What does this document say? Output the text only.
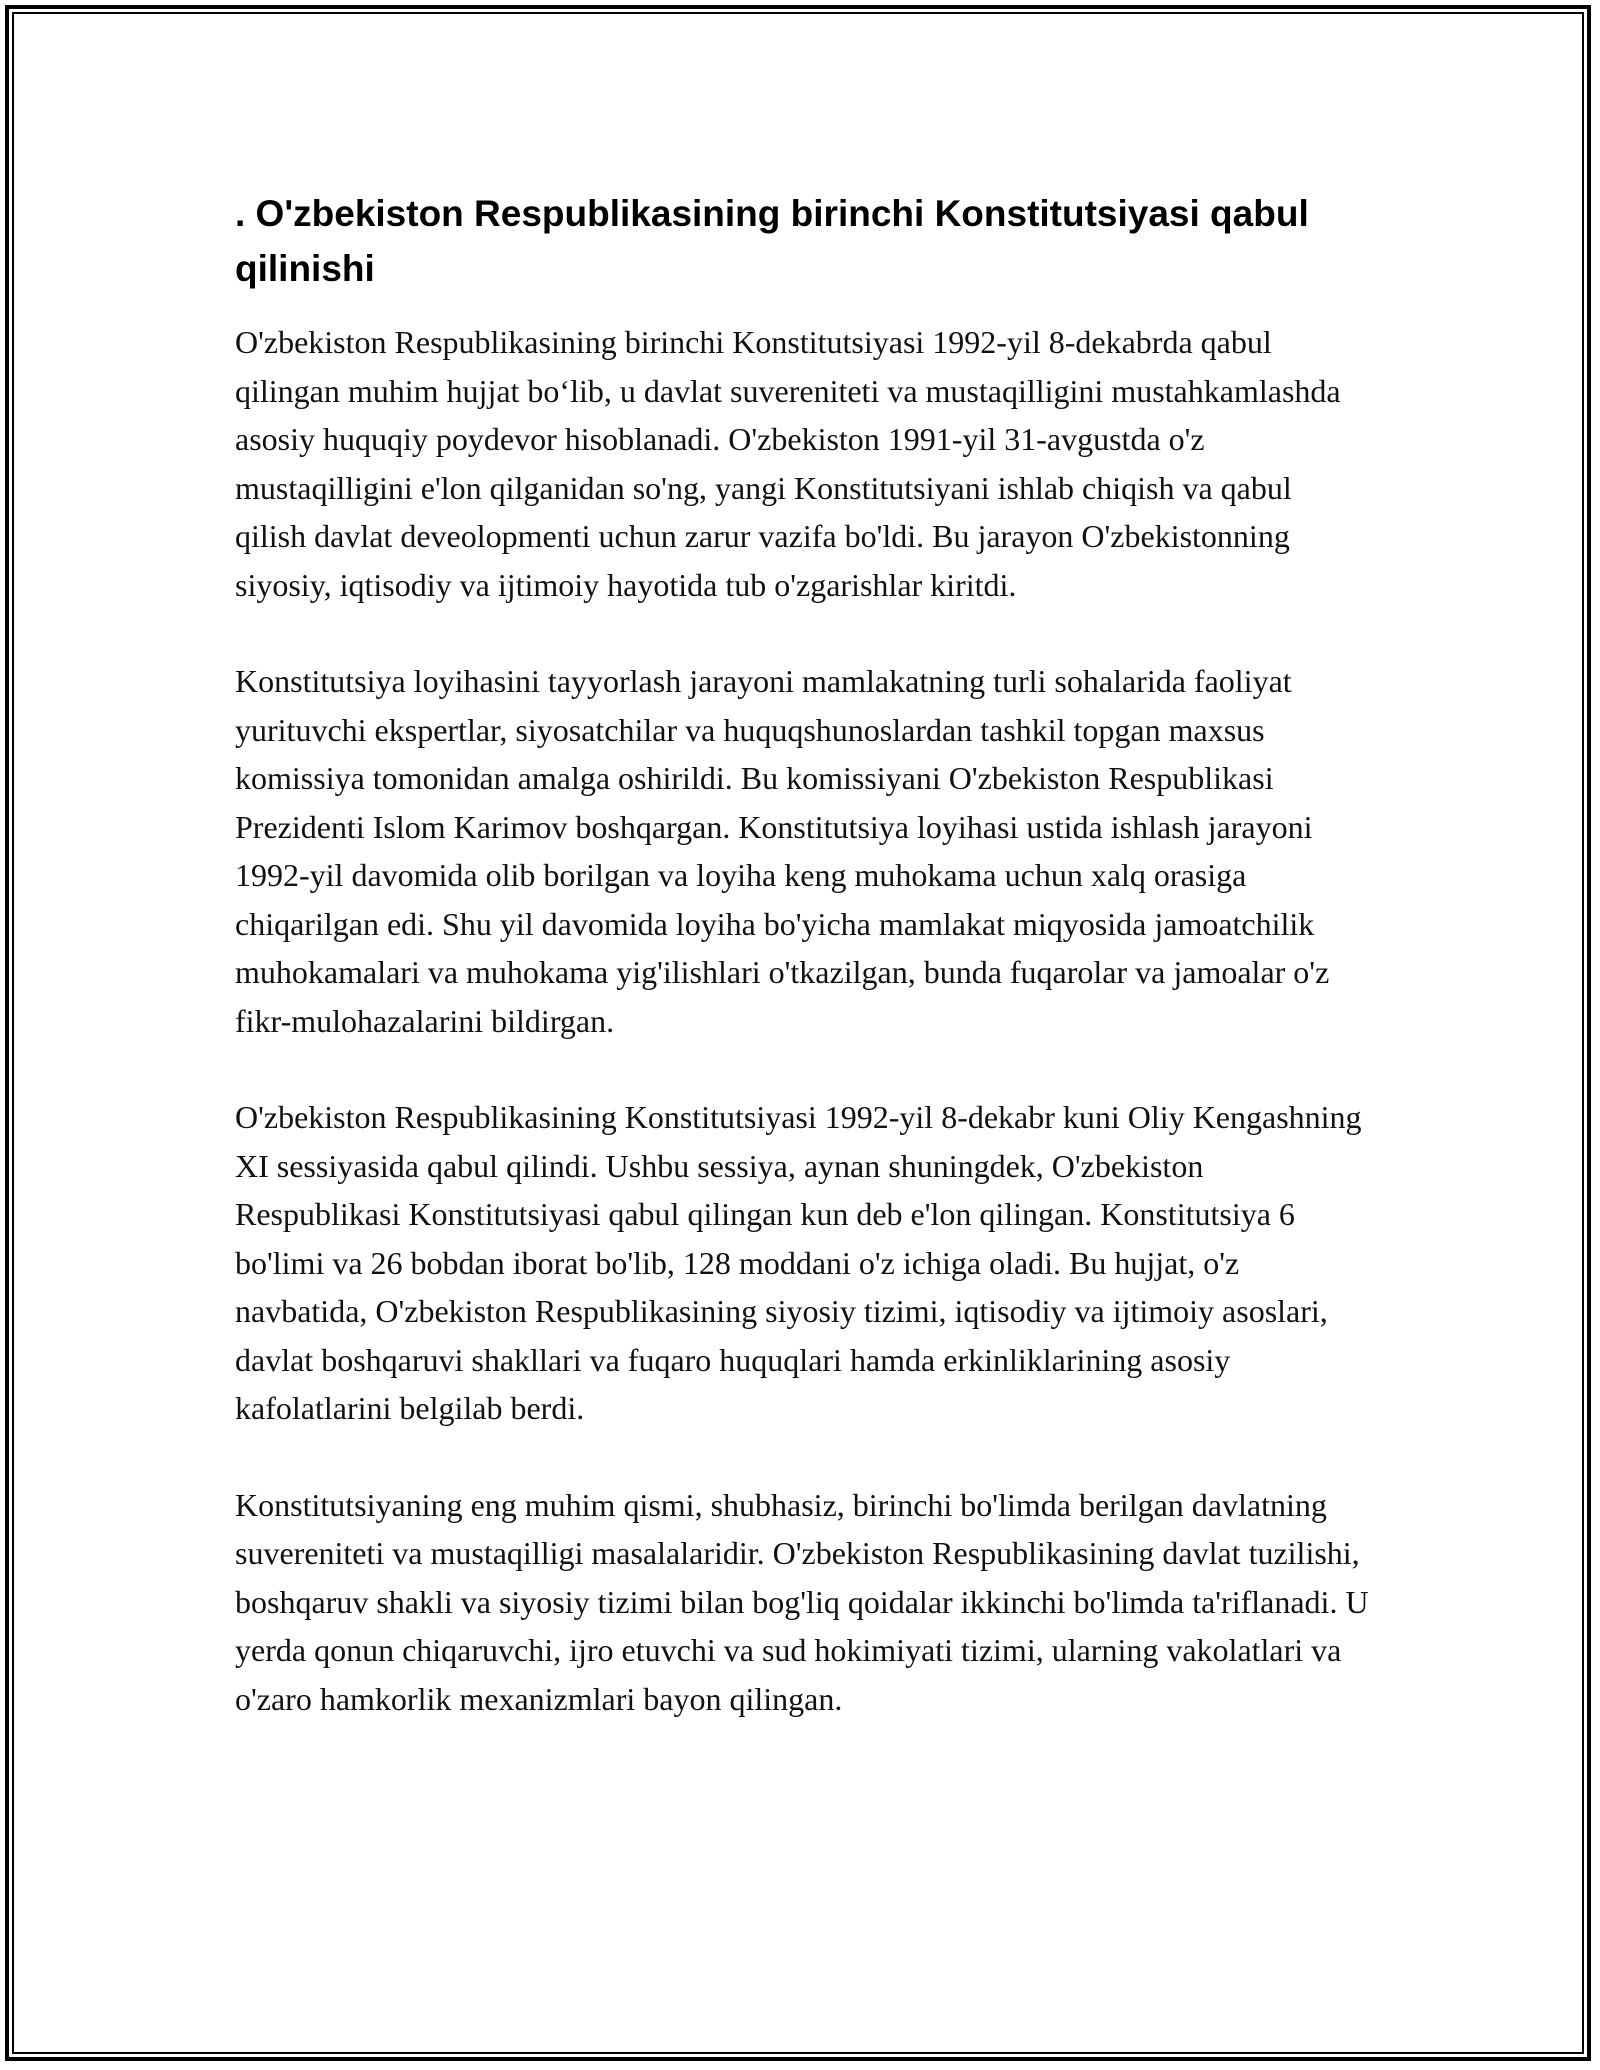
. O'zbekiston Respublikasining birinchi Konstitutsiyasi qabul qilinishi

O'zbekiston Respublikasining birinchi Konstitutsiyasi 1992-yil 8-dekabrda qabul qilingan muhim hujjat bo‘lib, u davlat suvereniteti va mustaqilligini mustahkamlashda asosiy huquqiy poydevor hisoblanadi. O'zbekiston 1991-yil 31-avgustda o'z mustaqilligini e'lon qilganidan so'ng, yangi Konstitutsiyani ishlab chiqish va qabul qilish davlat deveolopmenti uchun zarur vazifa bo'ldi. Bu jarayon O'zbekistonning siyosiy, iqtisodiy va ijtimoiy hayotida tub o'zgarishlar kiritdi.

Konstitutsiya loyihasini tayyorlash jarayoni mamlakatning turli sohalarida faoliyat yurituvchi ekspertlar, siyosatchilar va huquqshunoslardan tashkil topgan maxsus komissiya tomonidan amalga oshirildi. Bu komissiyani O'zbekiston Respublikasi Prezidenti Islom Karimov boshqargan. Konstitutsiya loyihasi ustida ishlash jarayoni 1992-yil davomida olib borilgan va loyiha keng muhokama uchun xalq orasiga chiqarilgan edi. Shu yil davomida loyiha bo'yicha mamlakat miqyosida jamoatchilik muhokamalari va muhokama yig'ilishlari o'tkazilgan, bunda fuqarolar va jamoalar o'z fikr-mulohazalarini bildirgan.

O'zbekiston Respublikasining Konstitutsiyasi 1992-yil 8-dekabr kuni Oliy Kengashning XI sessiyasida qabul qilindi. Ushbu sessiya, aynan shuningdek, O'zbekiston Respublikasi Konstitutsiyasi qabul qilingan kun deb e'lon qilingan. Konstitutsiya 6 bo'limi va 26 bobdan iborat bo'lib, 128 moddani o'z ichiga oladi. Bu hujjat, o'z navbatida, O'zbekiston Respublikasining siyosiy tizimi, iqtisodiy va ijtimoiy asoslari, davlat boshqaruvi shakllari va fuqaro huquqlari hamda erkinliklarining asosiy kafolatlarini belgilab berdi.

Konstitutsiyaning eng muhim qismi, shubhasiz, birinchi bo'limda berilgan davlatning suvereniteti va mustaqilligi masalalaridir. O'zbekiston Respublikasining davlat tuzilishi, boshqaruv shakli va siyosiy tizimi bilan bog'liq qoidalar ikkinchi bo'limda ta'riflanadi. U yerda qonun chiqaruvchi, ijro etuvchi va sud hokimiyati tizimi, ularning vakolatlari va o'zaro hamkorlik mexanizmlari bayon qilingan.
